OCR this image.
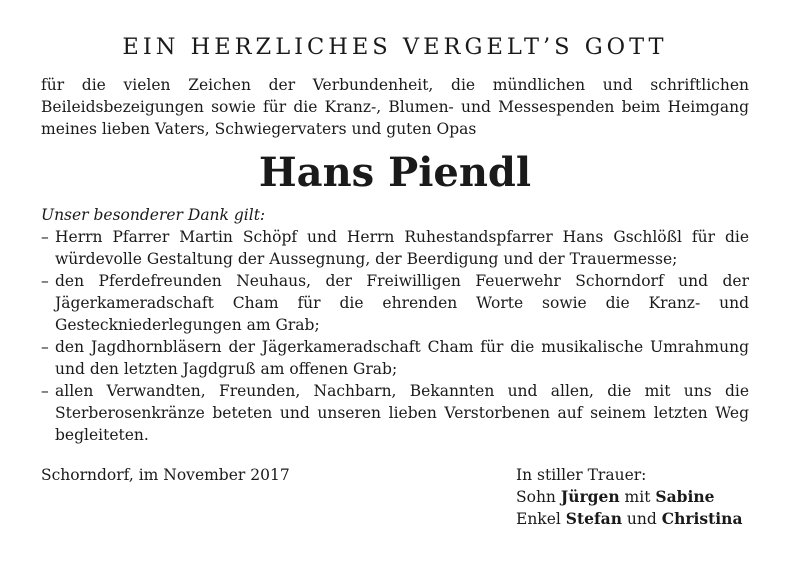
EIN HERZLICHES VERGELT’S GOTT

für die vielen Zeichen der Verbundenheit, die mündlichen und schriftlichen Beileidsbezeigungen sowie für die Kranz-, Blumen- und Messespenden beim Heimgang meines lieben Vaters, Schwiegervaters und guten Opas

Hans Piendl

Unser besonderer Dank gilt:

– Herrn Pfarrer Martin Schöpf und Herrn Ruhestandspfarrer Hans Gschlößl für die würdevolle Gestaltung der Aussegnung, der Beerdigung und der Trauermesse;
– den Pferdefreunden Neuhaus, der Freiwilligen Feuerwehr Schorndorf und der Jägerkameradschaft Cham für die ehrenden Worte sowie die Kranz- und Gesteckniederlegungen am Grab;
– den Jagdhornbläsern der Jägerkameradschaft Cham für die musikalische Umrahmung und den letzten Jagdgruß am offenen Grab;
– allen Verwandten, Freunden, Nachbarn, Bekannten und allen, die mit uns die Sterberosenkränze beteten und unseren lieben Verstorbenen auf seinem letzten Weg begleiteten.
Schorndorf, im November 2017	In stiller Trauer:
Sohn Jürgen mit Sabine
Enkel Stefan und Christina
